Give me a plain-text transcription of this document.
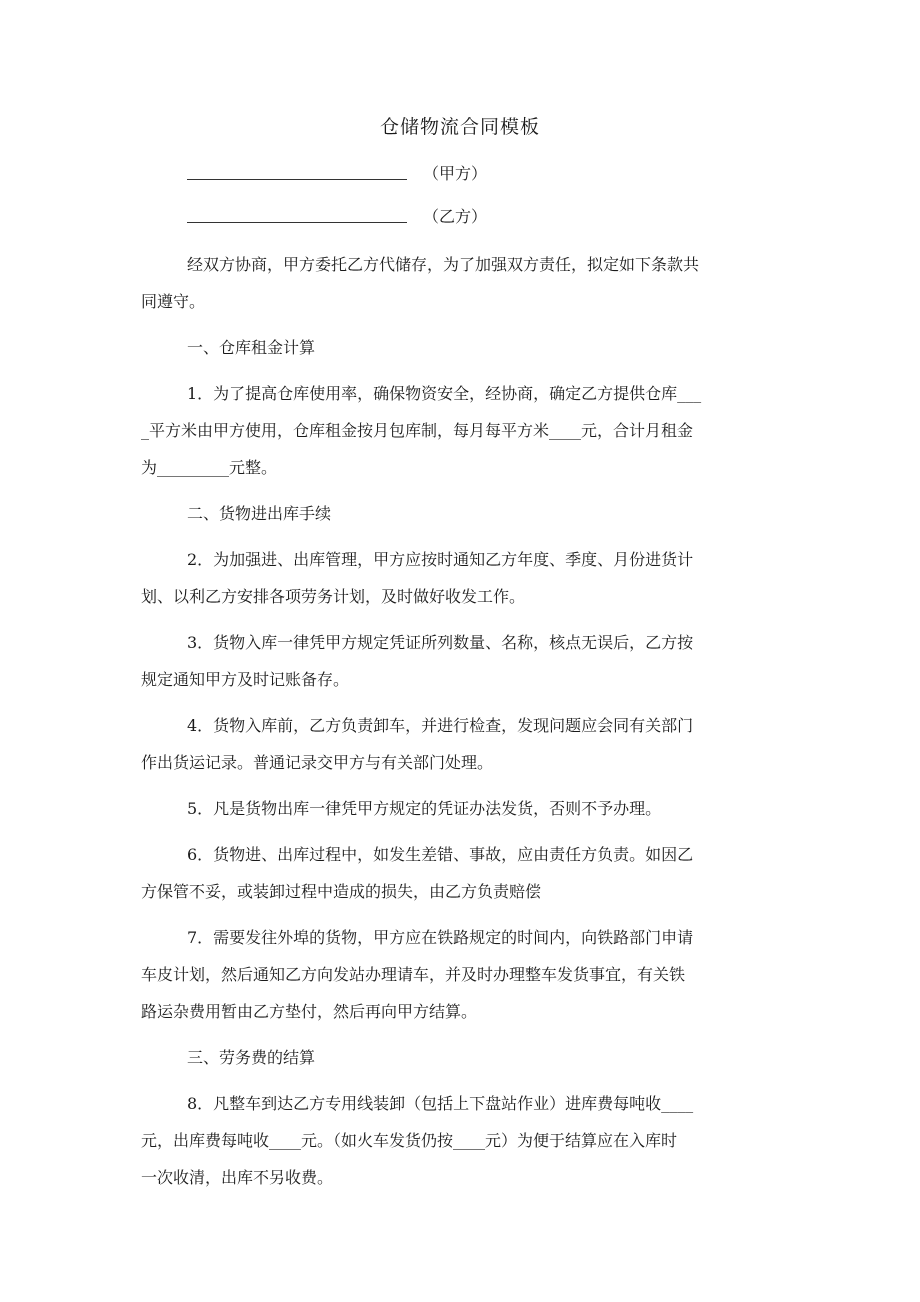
仓储物流合同模板
（甲方）
（乙方）
经双方协商，甲方委托乙方代储存，为了加强双方责任，拟定如下条款共
同遵守。
一、仓库租金计算
1．为了提高仓库使用率，确保物资安全，经协商，确定乙方提供仓库___
_平方米由甲方使用，仓库租金按月包库制，每月每平方米____元，合计月租金
为_________元整。
二、货物进出库手续
2．为加强进、出库管理，甲方应按时通知乙方年度、季度、月份进货计
划、以利乙方安排各项劳务计划，及时做好收发工作。
3．货物入库一律凭甲方规定凭证所列数量、名称，核点无误后，乙方按
规定通知甲方及时记账备存。
4．货物入库前，乙方负责卸车，并进行检查，发现问题应会同有关部门
作出货运记录。普通记录交甲方与有关部门处理。
5．凡是货物出库一律凭甲方规定的凭证办法发货，否则不予办理。
6．货物进、出库过程中，如发生差错、事故，应由责任方负责。如因乙
方保管不妥，或装卸过程中造成的损失，由乙方负责赔偿
7．需要发往外埠的货物，甲方应在铁路规定的时间内，向铁路部门申请
车皮计划，然后通知乙方向发站办理请车，并及时办理整车发货事宜，有关铁
路运杂费用暂由乙方垫付，然后再向甲方结算。
三、劳务费的结算
8．凡整车到达乙方专用线装卸（包括上下盘站作业）进库费每吨收____
元，出库费每吨收____元。（如火车发货仍按____元）为便于结算应在入库时
一次收清，出库不另收费。
